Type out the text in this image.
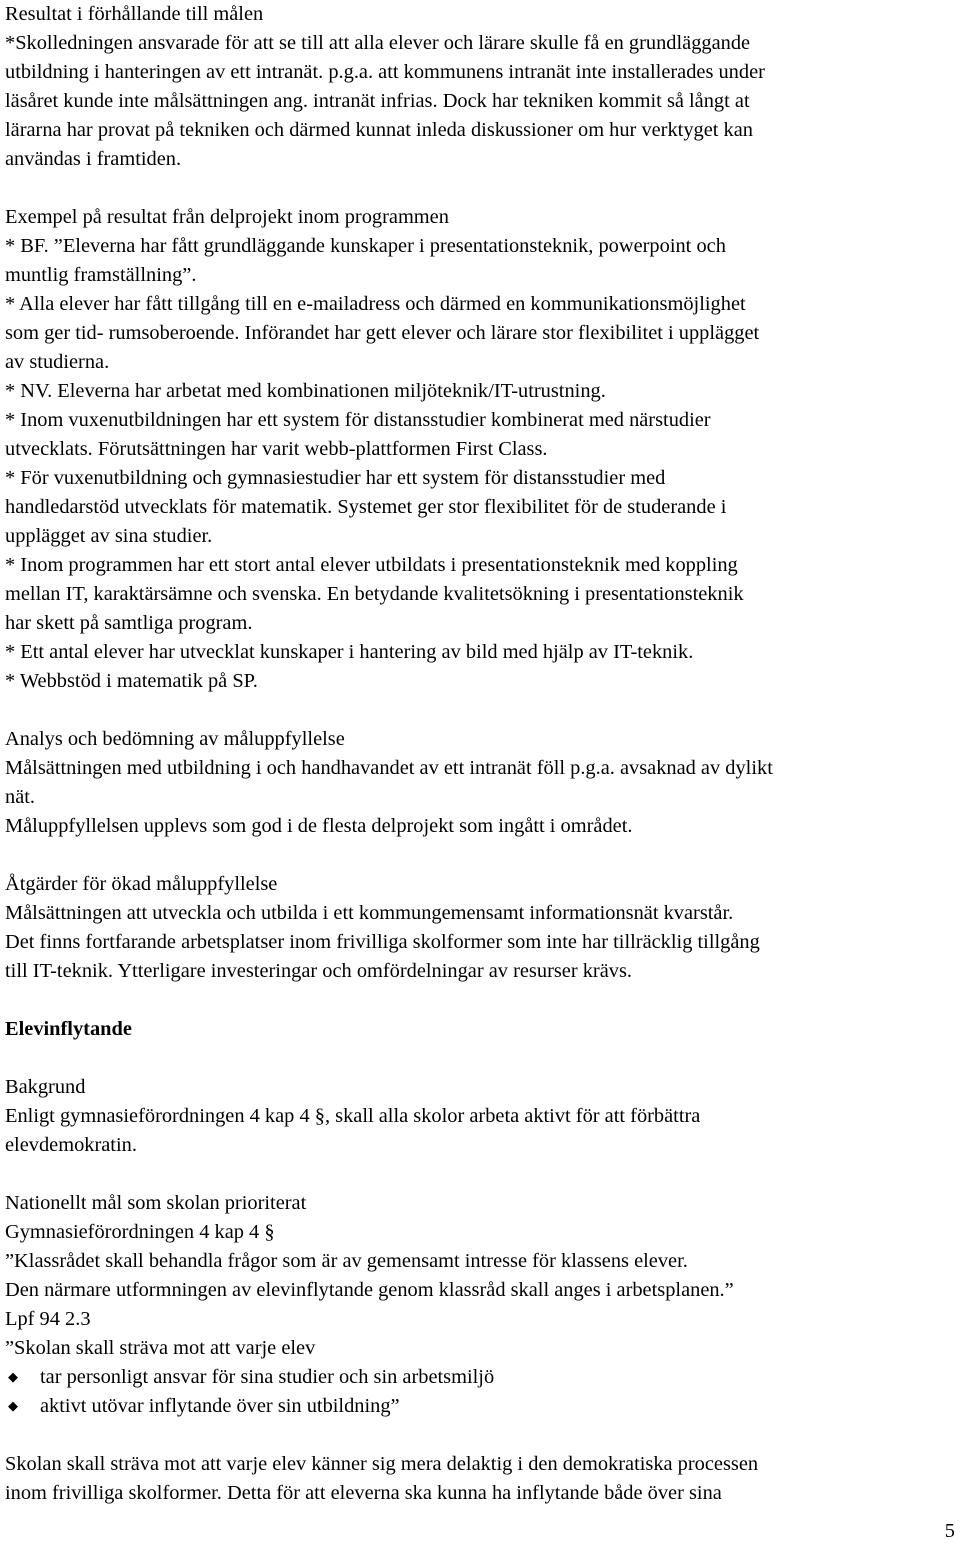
Resultat i förhållande till målen
*Skolledningen ansvarade för att se till att alla elever och lärare skulle få en grundläggande
utbildning i hanteringen av ett intranät. p.g.a. att kommunens intranät inte installerades under
läsåret kunde inte målsättningen ang. intranät infrias. Dock har tekniken kommit så långt at
lärarna har provat på tekniken och därmed kunnat inleda diskussioner om hur verktyget kan
användas i framtiden.
Exempel på resultat från delprojekt inom programmen
* BF. ”Eleverna har fått grundläggande kunskaper i presentationsteknik, powerpoint och
muntlig framställning”.
* Alla elever har fått tillgång till en e-mailadress och därmed en kommunikationsmöjlighet
som ger tid- rumsoberoende. Införandet har gett elever och lärare stor flexibilitet i upplägget
av studierna.
* NV. Eleverna har arbetat med kombinationen miljöteknik/IT-utrustning.
* Inom vuxenutbildningen har ett system för distansstudier kombinerat med närstudier
utvecklats. Förutsättningen har varit webb-plattformen First Class.
* För vuxenutbildning och gymnasiestudier har ett system för distansstudier med
handledarstöd utvecklats för matematik. Systemet ger stor flexibilitet för de studerande i
upplägget av sina studier.
* Inom programmen har ett stort antal elever utbildats i presentationsteknik med koppling
mellan IT, karaktärsämne och svenska. En betydande kvalitetsökning i presentationsteknik
har skett på samtliga program.
* Ett antal elever har utvecklat kunskaper i hantering av bild med hjälp av IT-teknik.
* Webbstöd i matematik på SP.
Analys och bedömning av måluppfyllelse
Målsättningen med utbildning i och handhavandet av ett intranät föll p.g.a. avsaknad av dylikt
nät.
Måluppfyllelsen upplevs som god i de flesta delprojekt som ingått i området.
Åtgärder för ökad måluppfyllelse
Målsättningen att utveckla och utbilda i ett kommungemensamt informationsnät kvarstår.
Det finns fortfarande arbetsplatser inom frivilliga skolformer som inte har tillräcklig tillgång
till IT-teknik. Ytterligare investeringar och omfördelningar av resurser krävs.
Elevinflytande
Bakgrund
Enligt gymnasieförordningen 4 kap 4 §, skall alla skolor arbeta aktivt för att förbättra
elevdemokratin.
Nationellt mål som skolan prioriterat
Gymnasieförordningen 4 kap 4 §
”Klassrådet skall behandla frågor som är av gemensamt intresse för klassens elever.
Den närmare utformningen av elevinflytande genom klassråd skall anges i arbetsplanen.”
Lpf 94 2.3
”Skolan skall sträva mot att varje elev
◆ tar personligt ansvar för sina studier och sin arbetsmiljö
◆ aktivt utövar inflytande över sin utbildning”
Skolan skall sträva mot att varje elev känner sig mera delaktig i den demokratiska processen
inom frivilliga skolformer. Detta för att eleverna ska kunna ha inflytande både över sina
5
